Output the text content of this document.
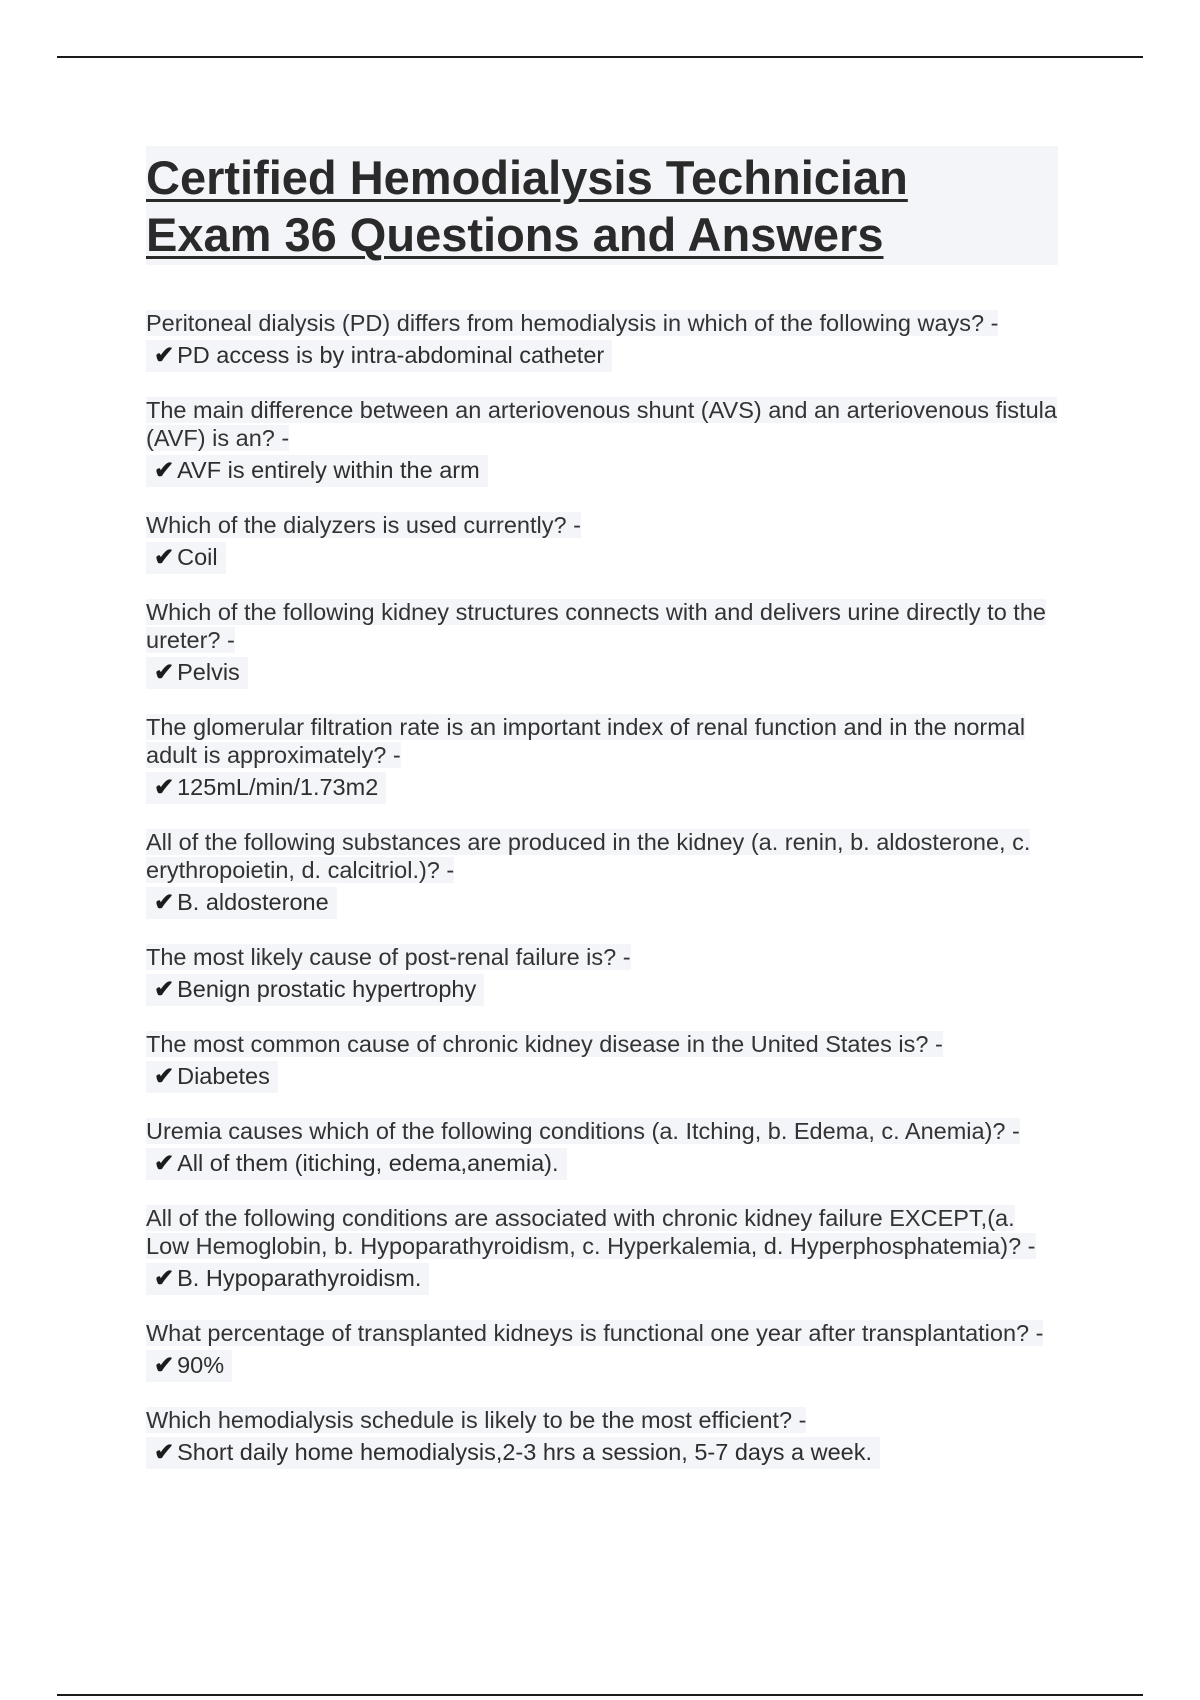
Certified Hemodialysis Technician
Exam 36 Questions and Answers
Peritoneal dialysis (PD) differs from hemodialysis in which of the following ways? -
✔ PD access is by intra-abdominal catheter
The main difference between an arteriovenous shunt (AVS) and an arteriovenous fistula (AVF) is an? -
✔ AVF is entirely within the arm
Which of the dialyzers is used currently? -
✔ Coil
Which of the following kidney structures connects with and delivers urine directly to the ureter? -
✔ Pelvis
The glomerular filtration rate is an important index of renal function and in the normal adult is approximately? -
✔ 125mL/min/1.73m2
All of the following substances are produced in the kidney (a. renin, b. aldosterone, c. erythropoietin, d. calcitriol.)? -
✔ B. aldosterone
The most likely cause of post-renal failure is? -
✔ Benign prostatic hypertrophy
The most common cause of chronic kidney disease in the United States is? -
✔ Diabetes
Uremia causes which of the following conditions (a. Itching, b. Edema, c. Anemia)? -
✔ All of them (itiching, edema,anemia).
All of the following conditions are associated with chronic kidney failure EXCEPT,(a. Low Hemoglobin, b. Hypoparathyroidism, c. Hyperkalemia, d. Hyperphosphatemia)? -
✔ B. Hypoparathyroidism.
What percentage of transplanted kidneys is functional one year after transplantation? -
✔ 90%
Which hemodialysis schedule is likely to be the most efficient? -
✔ Short daily home hemodialysis,2-3 hrs a session, 5-7 days a week.
